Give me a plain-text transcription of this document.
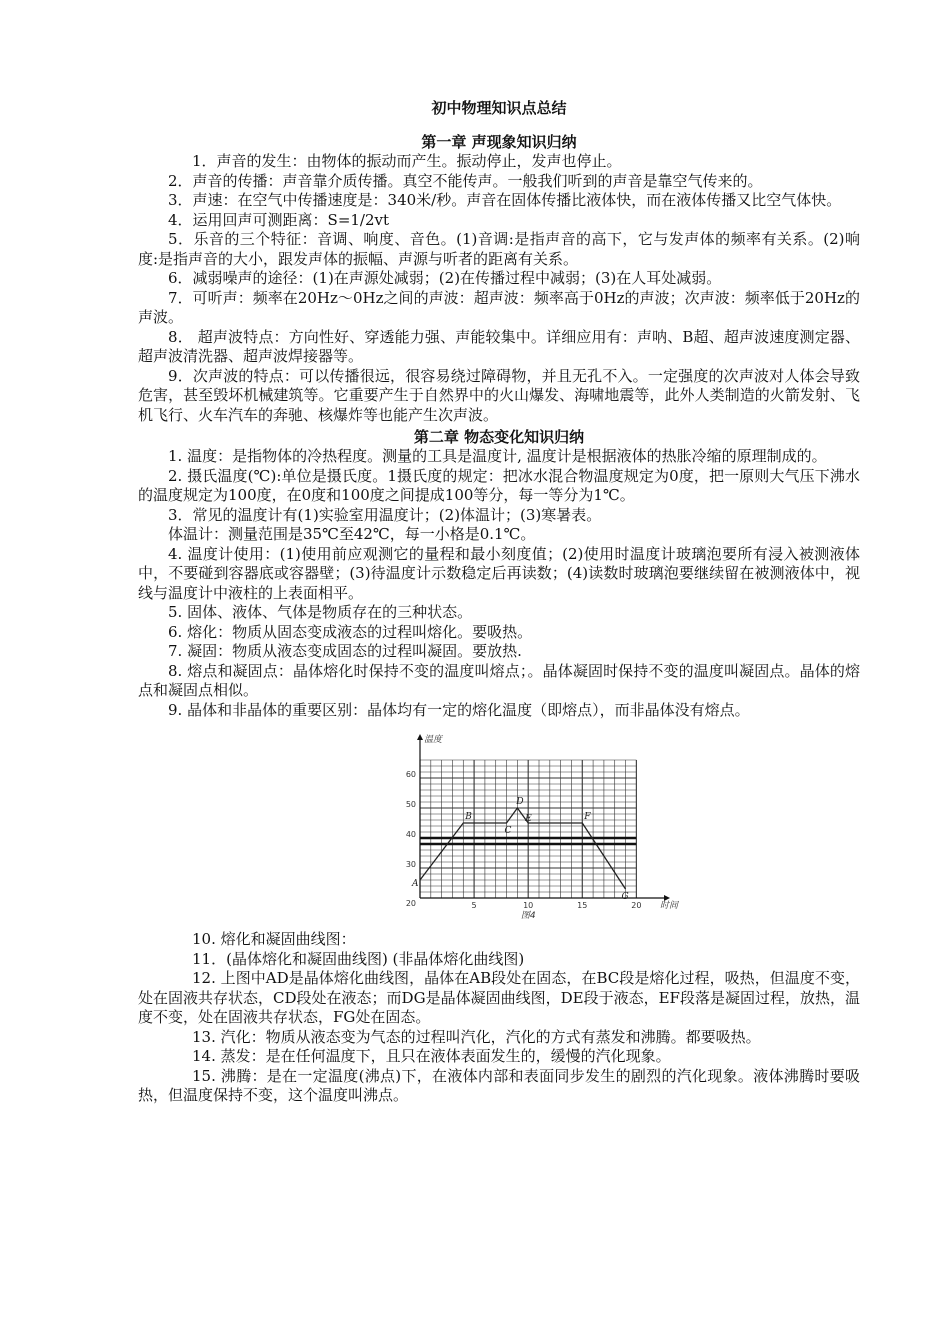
初中物理知识点总结

第一章 声现象知识归纳

1．声音的发生：由物体的振动而产生。振动停止，发声也停止。

2．声音的传播：声音靠介质传播。真空不能传声。一般我们听到的声音是靠空气传来的。

3．声速：在空气中传播速度是：340米/秒。声音在固体传播比液体快，而在液体传播又比空气体快。

4．运用回声可测距离：S=1/2vt

5．乐音的三个特征：音调、响度、音色。(1)音调:是指声音的高下，它与发声体的频率有关系。(2)响度:是指声音的大小，跟发声体的振幅、声源与听者的距离有关系。

6．减弱噪声的途径：(1)在声源处减弱；(2)在传播过程中减弱；(3)在人耳处减弱。

7．可听声：频率在20Hz～0Hz之间的声波：超声波：频率高于0Hz的声波；次声波：频率低于20Hz的声波。

8． 超声波特点：方向性好、穿透能力强、声能较集中。详细应用有：声呐、B超、超声波速度测定器、超声波清洗器、超声波焊接器等。

9．次声波的特点：可以传播很远，很容易绕过障碍物，并且无孔不入。一定强度的次声波对人体会导致危害，甚至毁坏机械建筑等。它重要产生于自然界中的火山爆发、海啸地震等，此外人类制造的火箭发射、飞机飞行、火车汽车的奔驰、核爆炸等也能产生次声波。

第二章 物态变化知识归纳

1. 温度：是指物体的冷热程度。测量的工具是温度计, 温度计是根据液体的热胀冷缩的原理制成的。

2. 摄氏温度(℃):单位是摄氏度。1摄氏度的规定：把冰水混合物温度规定为0度，把一原则大气压下沸水的温度规定为100度，在0度和100度之间提成100等分，每一等分为1℃。

3．常见的温度计有(1)实验室用温度计；(2)体温计；(3)寒暑表。

体温计：测量范围是35℃至42℃，每一小格是0.1℃。

4. 温度计使用：(1)使用前应观测它的量程和最小刻度值；(2)使用时温度计玻璃泡要所有浸入被测液体中，不要碰到容器底或容器壁；(3)待温度计示数稳定后再读数；(4)读数时玻璃泡要继续留在被测液体中，视线与温度计中液柱的上表面相平。

5. 固体、液体、气体是物质存在的三种状态。

6. 熔化：物质从固态变成液态的过程叫熔化。要吸热。

7. 凝固：物质从液态变成固态的过程叫凝固。要放热.

8. 熔点和凝固点：晶体熔化时保持不变的温度叫熔点；。晶体凝固时保持不变的温度叫凝固点。晶体的熔点和凝固点相似。

9. 晶体和非晶体的重要区别：晶体均有一定的熔化温度（即熔点），而非晶体没有熔点。

20
30
40
50
60
5	10	15	20
A
B
C
D
E	F
G
温度
时间
图4

10. 熔化和凝固曲线图：

11．(晶体熔化和凝固曲线图) (非晶体熔化曲线图)

12. 上图中AD是晶体熔化曲线图，晶体在AB段处在固态，在BC段是熔化过程，吸热，但温度不变，处在固液共存状态，CD段处在液态；而DG是晶体凝固曲线图，DE段于液态，EF段落是凝固过程，放热，温度不变，处在固液共存状态，FG处在固态。

13. 汽化：物质从液态变为气态的过程叫汽化，汽化的方式有蒸发和沸腾。都要吸热。

14. 蒸发：是在任何温度下，且只在液体表面发生的，缓慢的汽化现象。

15. 沸腾：是在一定温度(沸点)下，在液体内部和表面同步发生的剧烈的汽化现象。液体沸腾时要吸热，但温度保持不变，这个温度叫沸点。
